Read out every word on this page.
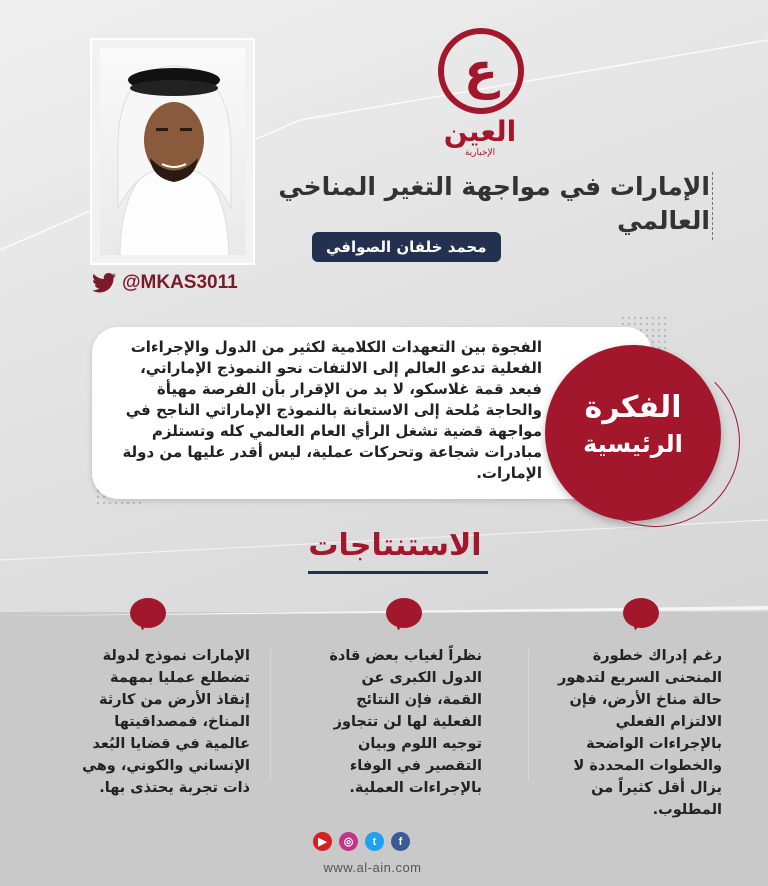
@MKAS3011
ع
العين
الإخبارية
الإمارات في مواجهة التغير المناخي العالمي
محمد خلفان الصوافي

الفجوة بين التعهدات الكلامية لكثير من الدول والإجراءات الفعلية تدعو العالم إلى الالتفات نحو النموذج الإماراتي، فبعد قمة غلاسكو، لا بد من الإقرار بأن الفرصة مهيأة والحاجة مُلحة إلى الاستعانة بالنموذج الإماراتي الناجح في مواجهة قضية تشغل الرأي العام العالمي كله وتستلزم مبادرات شجاعة وتحركات عملية، ليس أقدر عليها من دولة الإمارات.

الفكرة
الرئيسية
الاستنتاجات

رغم إدراك خطورة المنحنى السريع لتدهور حالة مناخ الأرض، فإن الالتزام الفعلي بالإجراءات الواضحة والخطوات المحددة لا يزال أقل كثيراً من المطلوب.

نظراً لغياب بعض قادة الدول الكبرى عن القمة، فإن النتائج الفعلية لها لن تتجاوز توجيه اللوم وبيان التقصير في الوفاء بالإجراءات العملية.

الإمارات نموذج لدولة تضطلع عمليا بمهمة إنقاذ الأرض من كارثة المناخ، فمصداقيتها عالمية في قضايا البُعد الإنساني والكوني، وهي ذات تجربة يحتذى بها.

▶	◎	t	f
www.al-ain.com
